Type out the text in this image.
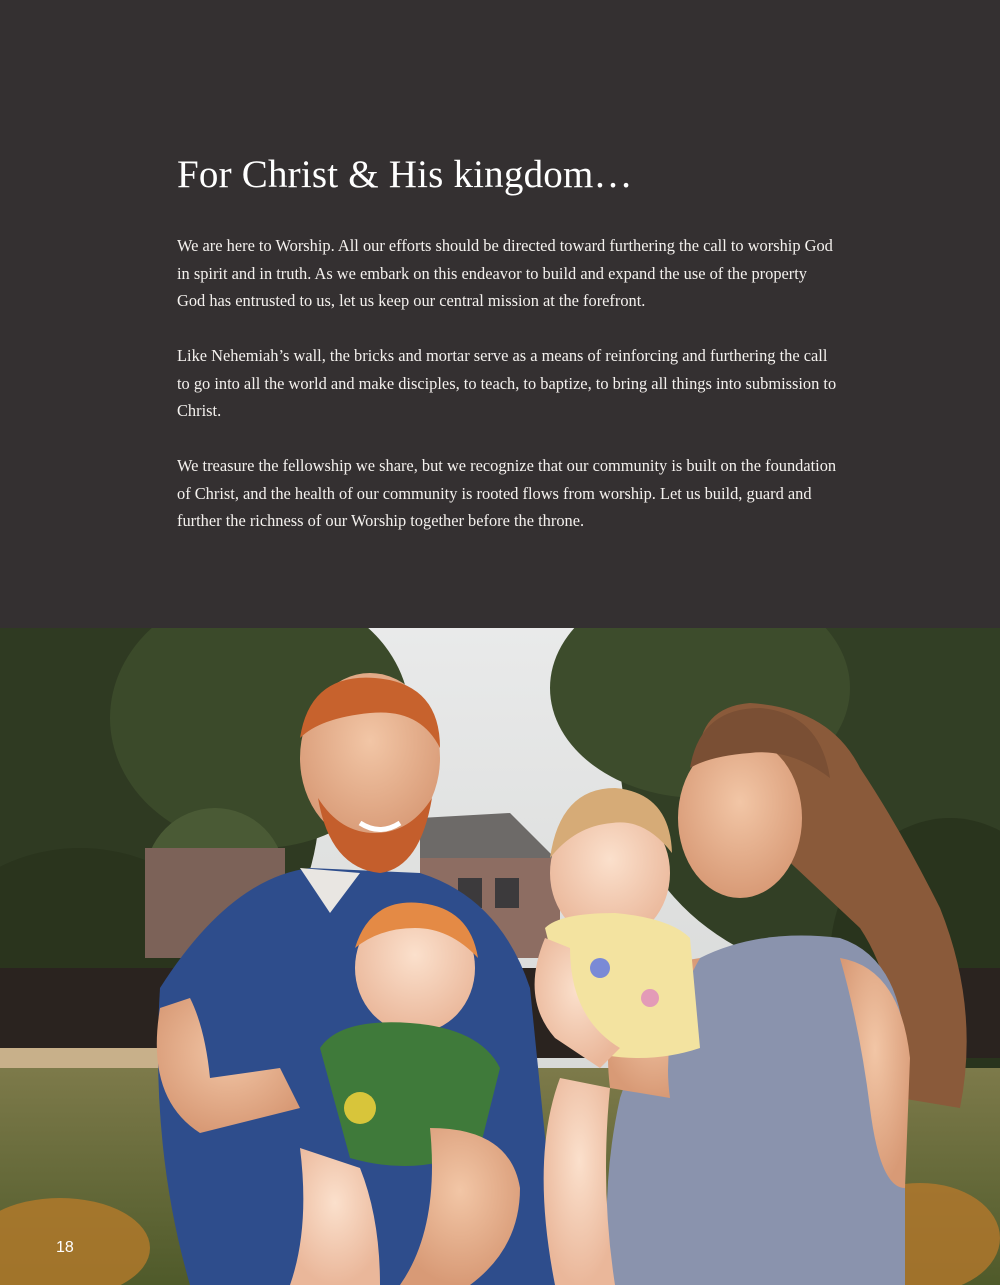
For Christ & His kingdom…

We are here to Worship. All our efforts should be directed toward furthering the call to worship God in spirit and in truth. As we embark on this endeavor to build and expand the use of the property God has entrusted to us, let us keep our central mission at the forefront.

Like Nehemiah’s wall, the bricks and mortar serve as a means of reinforcing and furthering the call to go into all the world and make disciples, to teach, to baptize, to bring all things into submission to Christ.

We treasure the fellowship we share, but we recognize that our community is built on the foundation of Christ, and the health of our community is rooted flows from worship. Let us build, guard and further the richness of our Worship together before the throne.

18
